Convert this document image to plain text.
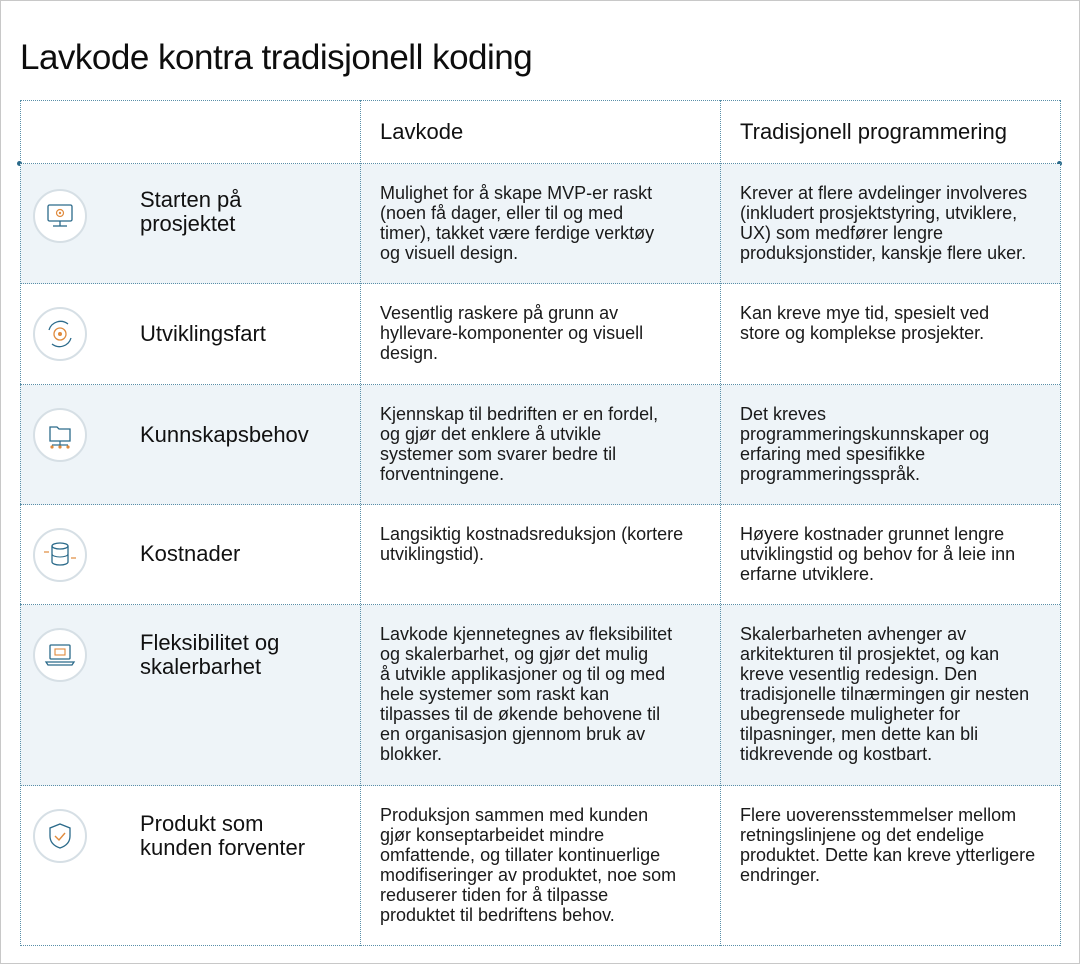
Lavkode kontra tradisjonell koding
Lavkode	Tradisjonell programmering
Starten på
prosjektet
Mulighet for å skape MVP-er raskt
(noen få dager, eller til og med
timer), takket være ferdige verktøy
og visuell design.
Krever at flere avdelinger involveres
(inkludert prosjektstyring, utviklere,
UX) som medfører lengre
produksjonstider, kanskje flere uker.
Utviklingsfart
Vesentlig raskere på grunn av
hyllevare-komponenter og visuell
design.
Kan kreve mye tid, spesielt ved
store og komplekse prosjekter.
Kunnskapsbehov
Kjennskap til bedriften er en fordel,
og gjør det enklere å utvikle
systemer som svarer bedre til
forventningene.
Det kreves
programmeringskunnskaper og
erfaring med spesifikke
programmeringsspråk.
Kostnader
Langsiktig kostnadsreduksjon (kortere
utviklingstid).
Høyere kostnader grunnet lengre
utviklingstid og behov for å leie inn
erfarne utviklere.
Fleksibilitet og
skalerbarhet
Lavkode kjennetegnes av fleksibilitet
og skalerbarhet, og gjør det mulig
å utvikle applikasjoner og til og med
hele systemer som raskt kan
tilpasses til de økende behovene til
en organisasjon gjennom bruk av
blokker.
Skalerbarheten avhenger av
arkitekturen til prosjektet, og kan
kreve vesentlig redesign. Den
tradisjonelle tilnærmingen gir nesten
ubegrensede muligheter for
tilpasninger, men dette kan bli
tidkrevende og kostbart.
Produkt som
kunden forventer
Produksjon sammen med kunden
gjør konseptarbeidet mindre
omfattende, og tillater kontinuerlige
modifiseringer av produktet, noe som
reduserer tiden for å tilpasse
produktet til bedriftens behov.
Flere uoverensstemmelser mellom
retningslinjene og det endelige
produktet. Dette kan kreve ytterligere
endringer.
